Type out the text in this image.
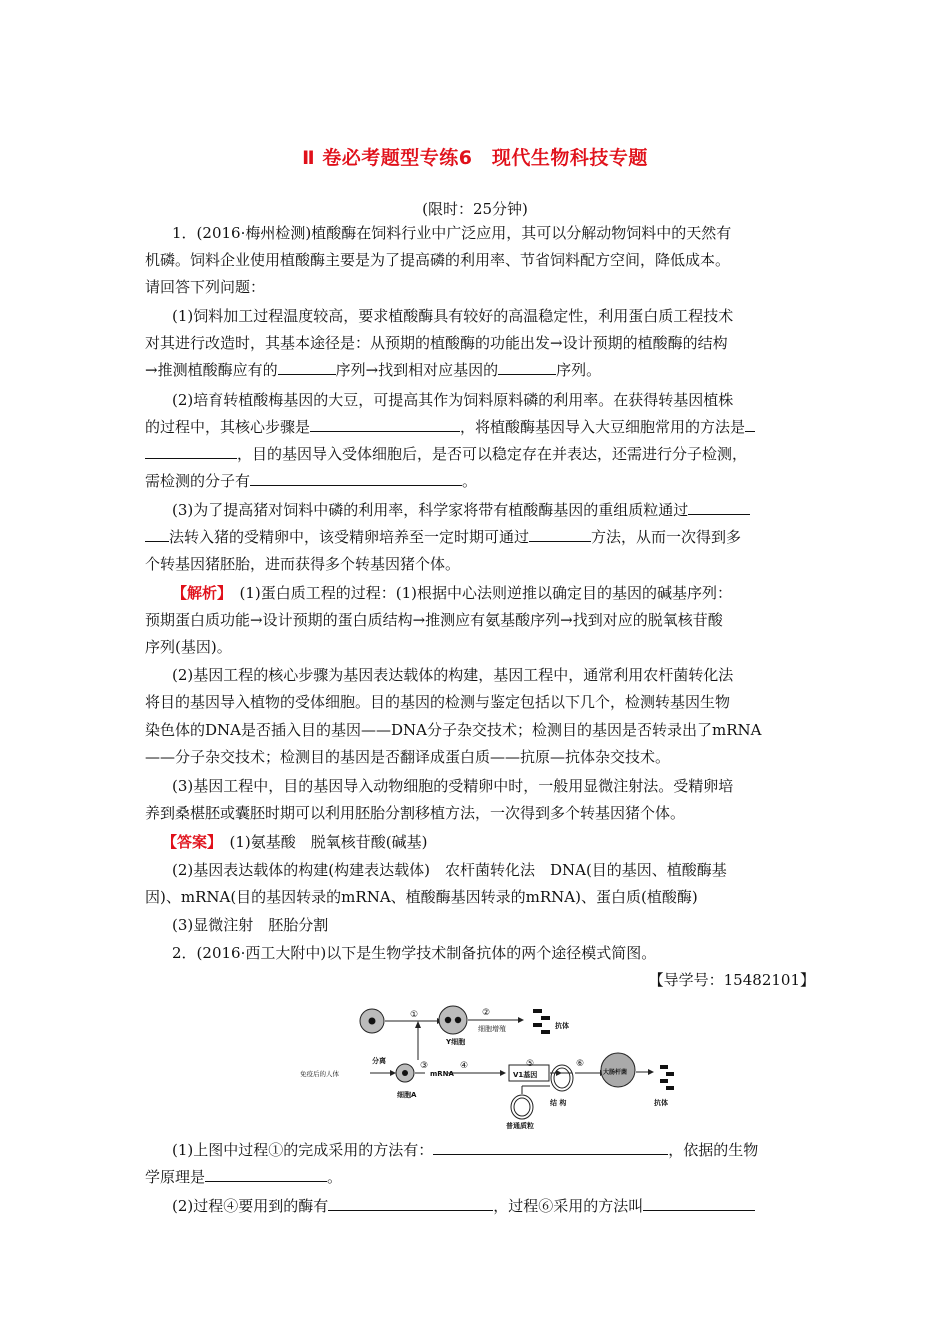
Ⅱ 卷必考题型专练6　现代生物科技专题
(限时：25分钟)
1．(2016·梅州检测)植酸酶在饲料行业中广泛应用，其可以分解动物饲料中的天然有
机磷。饲料企业使用植酸酶主要是为了提高磷的利用率、节省饲料配方空间，降低成本。
请回答下列问题：
(1)饲料加工过程温度较高，要求植酸酶具有较好的高温稳定性，利用蛋白质工程技术
对其进行改造时，其基本途径是：从预期的植酸酶的功能出发→设计预期的植酸酶的结构
→推测植酸酶应有的	序列→找到相对应基因的	序列。
(2)培育转植酸梅基因的大豆，可提高其作为饲料原料磷的利用率。在获得转基因植株
的过程中，其核心步骤是	，将植酸酶基因导入大豆细胞常用的方法是
，目的基因导入受体细胞后，是否可以稳定存在并表达，还需进行分子检测，
需检测的分子有	。
(3)为了提高猪对饲料中磷的利用率，科学家将带有植酸酶基因的重组质粒通过
法转入猪的受精卵中，该受精卵培养至一定时期可通过	方法，从而一次得到多
个转基因猪胚胎，进而获得多个转基因猪个体。
【解析】　 (1)蛋白质工程的过程：(1)根据中心法则逆推以确定目的基因的碱基序列：
预期蛋白质功能→设计预期的蛋白质结构→推测应有氨基酸序列→找到对应的脱氧核苷酸
序列(基因)。
(2)基因工程的核心步骤为基因表达载体的构建，基因工程中，通常利用农杆菌转化法
将目的基因导入植物的受体细胞。目的基因的检测与鉴定包括以下几个，检测转基因生物
染色体的DNA是否插入目的基因——DNA分子杂交技术；检测目的基因是否转录出了mRNA
——分子杂交技术；检测目的基因是否翻译成蛋白质——抗原—抗体杂交技术。
(3)基因工程中，目的基因导入动物细胞的受精卵中时，一般用显微注射法。受精卵培
养到桑椹胚或囊胚时期可以利用胚胎分割移植方法，一次得到多个转基因猪个体。
【答案】　 (1)氨基酸　脱氧核苷酸(碱基)
(2)基因表达载体的构建(构建表达载体)　农杆菌转化法　DNA(目的基因、植酸酶基
因)、mRNA(目的基因转录的mRNA、植酸酶基因转录的mRNA)、蛋白质(植酸酶)
(3)显微注射　胚胎分割
2．(2016·西工大附中)以下是生物学技术制备抗体的两个途径模式简图。
【导学号：15482101】
①	②
细胞增殖	抗体
Y细胞
分离
免疫后的人体
细胞A
③
mRNA
④
V1基因
⑤	⑥
结 构
大肠杆菌
抗体
普通质粒
(1)上图中过程①的完成采用的方法有：	，依据的生物
学原理是	。
(2)过程④要用到的酶有	，过程⑥采用的方法叫
